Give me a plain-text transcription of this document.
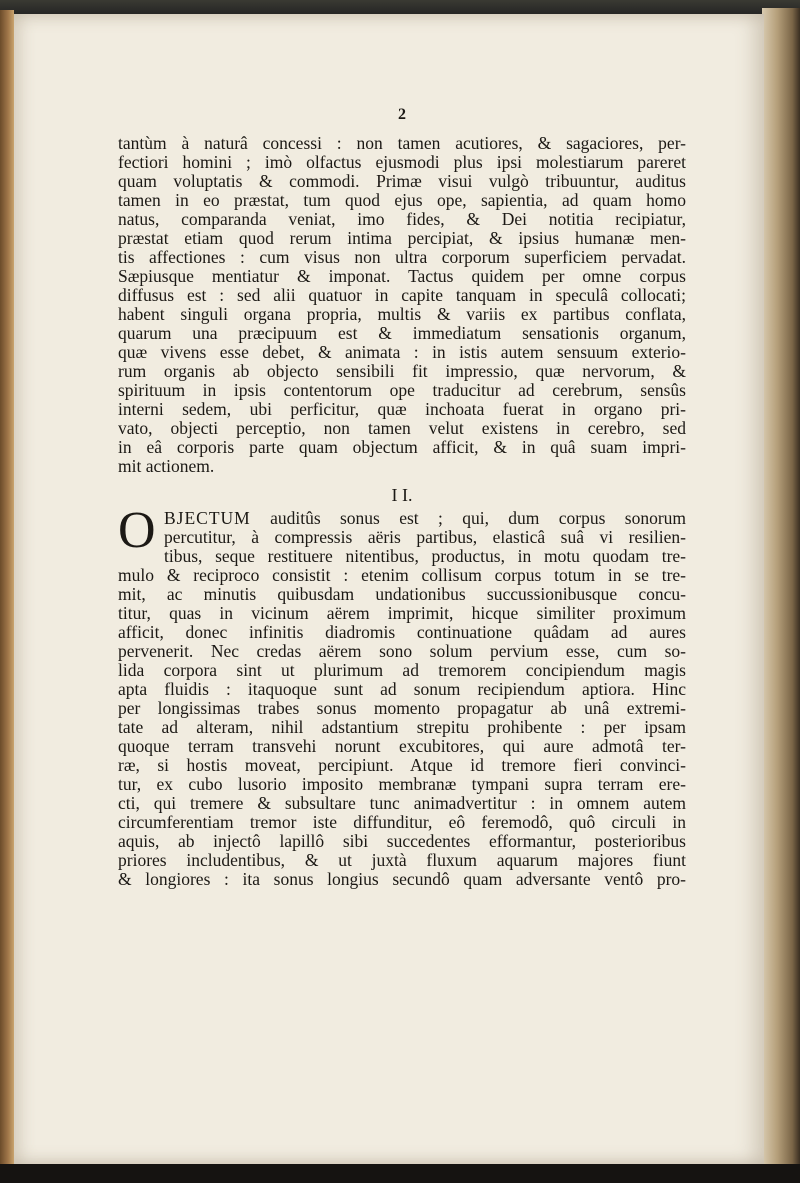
2
tantùm à naturâ concessi : non tamen acutiores, & sagaciores, per-
fectiori homini ; imò olfactus ejusmodi plus ipsi molestiarum pareret
quam voluptatis & commodi. Primæ visui vulgò tribuuntur, auditus
tamen in eo præstat, tum quod ejus ope, sapientia, ad quam homo
natus, comparanda veniat, imo fides, & Dei notitia recipiatur,
præstat etiam quod rerum intima percipiat, & ipsius humanæ men-
tis affectiones : cum visus non ultra corporum superficiem pervadat.
Sæpiusque mentiatur & imponat. Tactus quidem per omne corpus
diffusus est : sed alii quatuor in capite tanquam in speculâ collocati;
habent singuli organa propria, multis & variis ex partibus conflata,
quarum una præcipuum est & immediatum sensationis organum,
quæ vivens esse debet, & animata : in istis autem sensuum exterio-
rum organis ab objecto sensibili fit impressio, quæ nervorum, &
spirituum in ipsis contentorum ope traducitur ad cerebrum, sensûs
interni sedem, ubi perficitur, quæ inchoata fuerat in organo pri-
vato, objecti perceptio, non tamen velut existens in cerebro, sed
in eâ corporis parte quam objectum afficit, & in quâ suam impri-
mit actionem.
I I.
O BJECTUM auditûs sonus est ; qui, dum corpus sonorum
percutitur, à compressis aëris partibus, elasticâ suâ vi resilien-
tibus, seque restituere nitentibus, productus, in motu quodam tre-
mulo & reciproco consistit : etenim collisum corpus totum in se tre-
mit, ac minutis quibusdam undationibus succussionibusque concu-
titur, quas in vicinum aërem imprimit, hicque similiter proximum
afficit, donec infinitis diadromis continuatione quâdam ad aures
pervenerit. Nec credas aërem sono solum pervium esse, cum so-
lida corpora sint ut plurimum ad tremorem concipiendum magis
apta fluidis : itaquoque sunt ad sonum recipiendum aptiora. Hinc
per longissimas trabes sonus momento propagatur ab unâ extremi-
tate ad alteram, nihil adstantium strepitu prohibente : per ipsam
quoque terram transvehi norunt excubitores, qui aure admotâ ter-
ræ, si hostis moveat, percipiunt. Atque id tremore fieri convinci-
tur, ex cubo lusorio imposito membranæ tympani supra terram ere-
cti, qui tremere & subsultare tunc animadvertitur : in omnem autem
circumferentiam tremor iste diffunditur, eô feremodô, quô circuli in
aquis, ab injectô lapillô sibi succedentes efformantur, posterioribus
priores includentibus, & ut juxtà fluxum aquarum majores fiunt
& longiores : ita sonus longius secundô quam adversante ventô pro-
